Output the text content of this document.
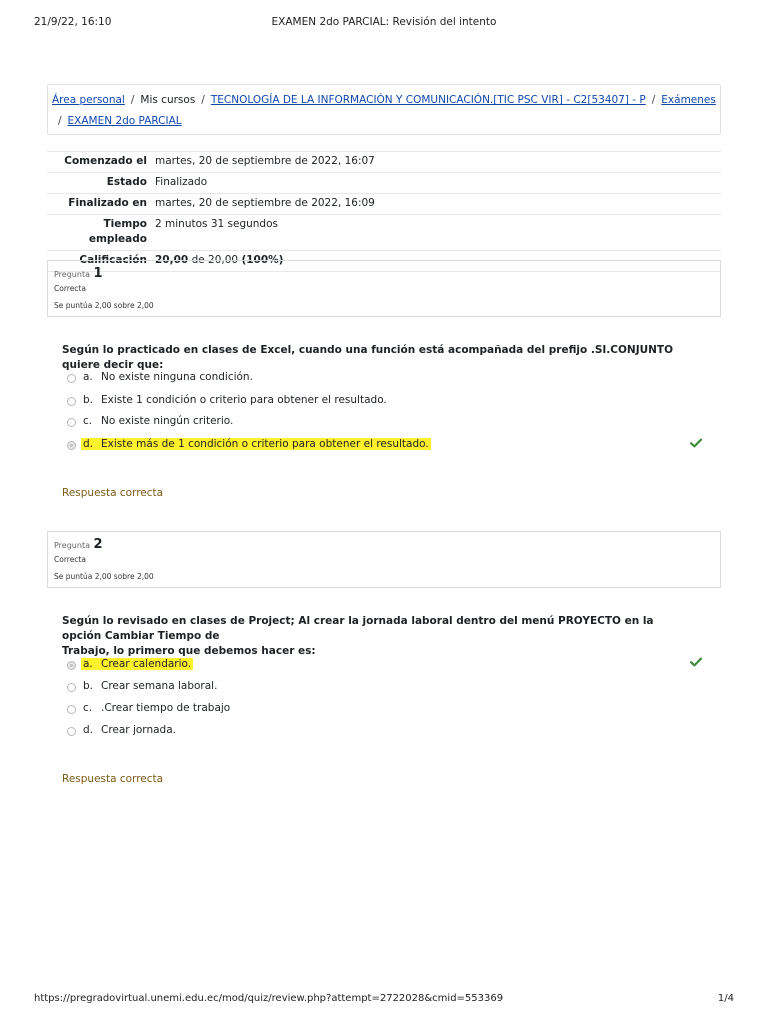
21/9/22, 16:10	EXAMEN 2do PARCIAL: Revisión del intento
Área personal / Mis cursos / TECNOLOGÍA DE LA INFORMACIÓN Y COMUNICACIÓN.[TIC PSC VIR] - C2[53407] - P / Exámenes
/ EXAMEN 2do PARCIAL
Comenzado el martes, 20 de septiembre de 2022, 16:07
Estado Finalizado
Finalizado en martes, 20 de septiembre de 2022, 16:09
Tiempo
empleado
2 minutos 31 segundos
Calificación 20,00 de 20,00 (100%)
Pregunta 1
Correcta
Se puntúa 2,00 sobre 2,00
Según lo practicado en clases de Excel, cuando una función está acompañada del prefijo .SI.CONJUNTO quiere decir que:
a. No existe ninguna condición.
b. Existe 1 condición o criterio para obtener el resultado.
c. No existe ningún criterio.
d. Existe más de 1 condición o criterio para obtener el resultado.
Respuesta correcta
Pregunta 2
Correcta
Se puntúa 2,00 sobre 2,00
Según lo revisado en clases de Project; Al crear la jornada laboral dentro del menú PROYECTO en la opción Cambiar Tiempo de
Trabajo, lo primero que debemos hacer es:
a. Crear calendario.
b. Crear semana laboral.
c. .Crear tiempo de trabajo
d. Crear jornada.
Respuesta correcta
https://pregradovirtual.unemi.edu.ec/mod/quiz/review.php?attempt=2722028&cmid=553369	1/4
